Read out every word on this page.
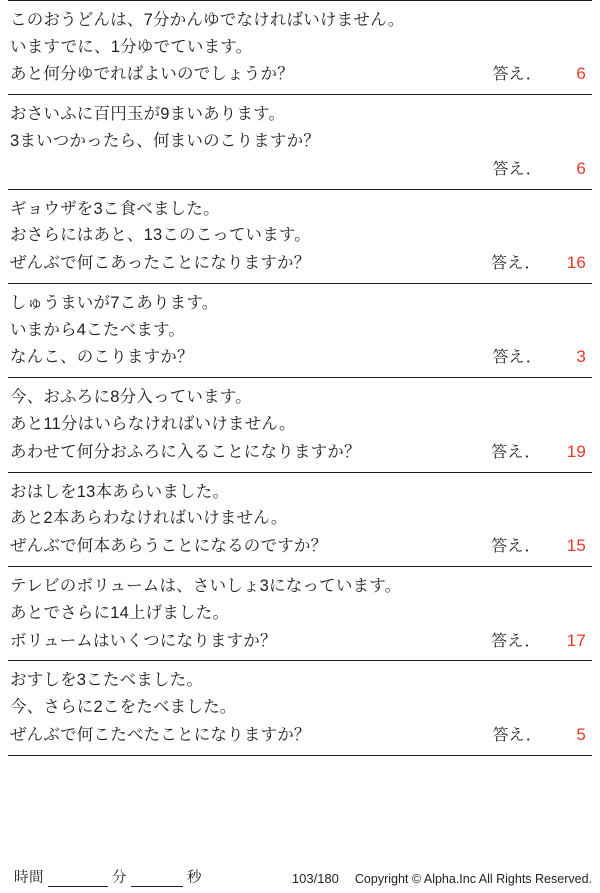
このおうどんは、7分かんゆでなければいけません。
いますでに、1分ゆでています。
あと何分ゆでればよいのでしょうか？	答え．	6
おさいふに百円玉が9まいあります。
3まいつかったら、何まいのこりますか？
答え．	6
ギョウザを3こ食べました。
おさらにはあと、13このこっています。
ぜんぶで何こあったことになりますか？	答え． 16
しゅうまいが7こあります。
いまから4こたべます。
なんこ、のこりますか？	答え．	3
今、おふろに8分入っています。
あと11分はいらなければいけません。
あわせて何分おふろに入ることになりますか？	答え． 19
おはしを13本あらいました。
あと2本あらわなければいけません。
ぜんぶで何本あらうことになるのですか？	答え． 15
テレビのボリュームは、さいしょ3になっています。
あとでさらに14上げました。
ボリュームはいくつになりますか？	答え． 17
おすしを3こたべました。
今、さらに2こをたべました。
ぜんぶで何こたべたことになりますか？	答え．	5
時間	分	秒	103/180 Copyright © Alpha.Inc All Rights Reserved.
